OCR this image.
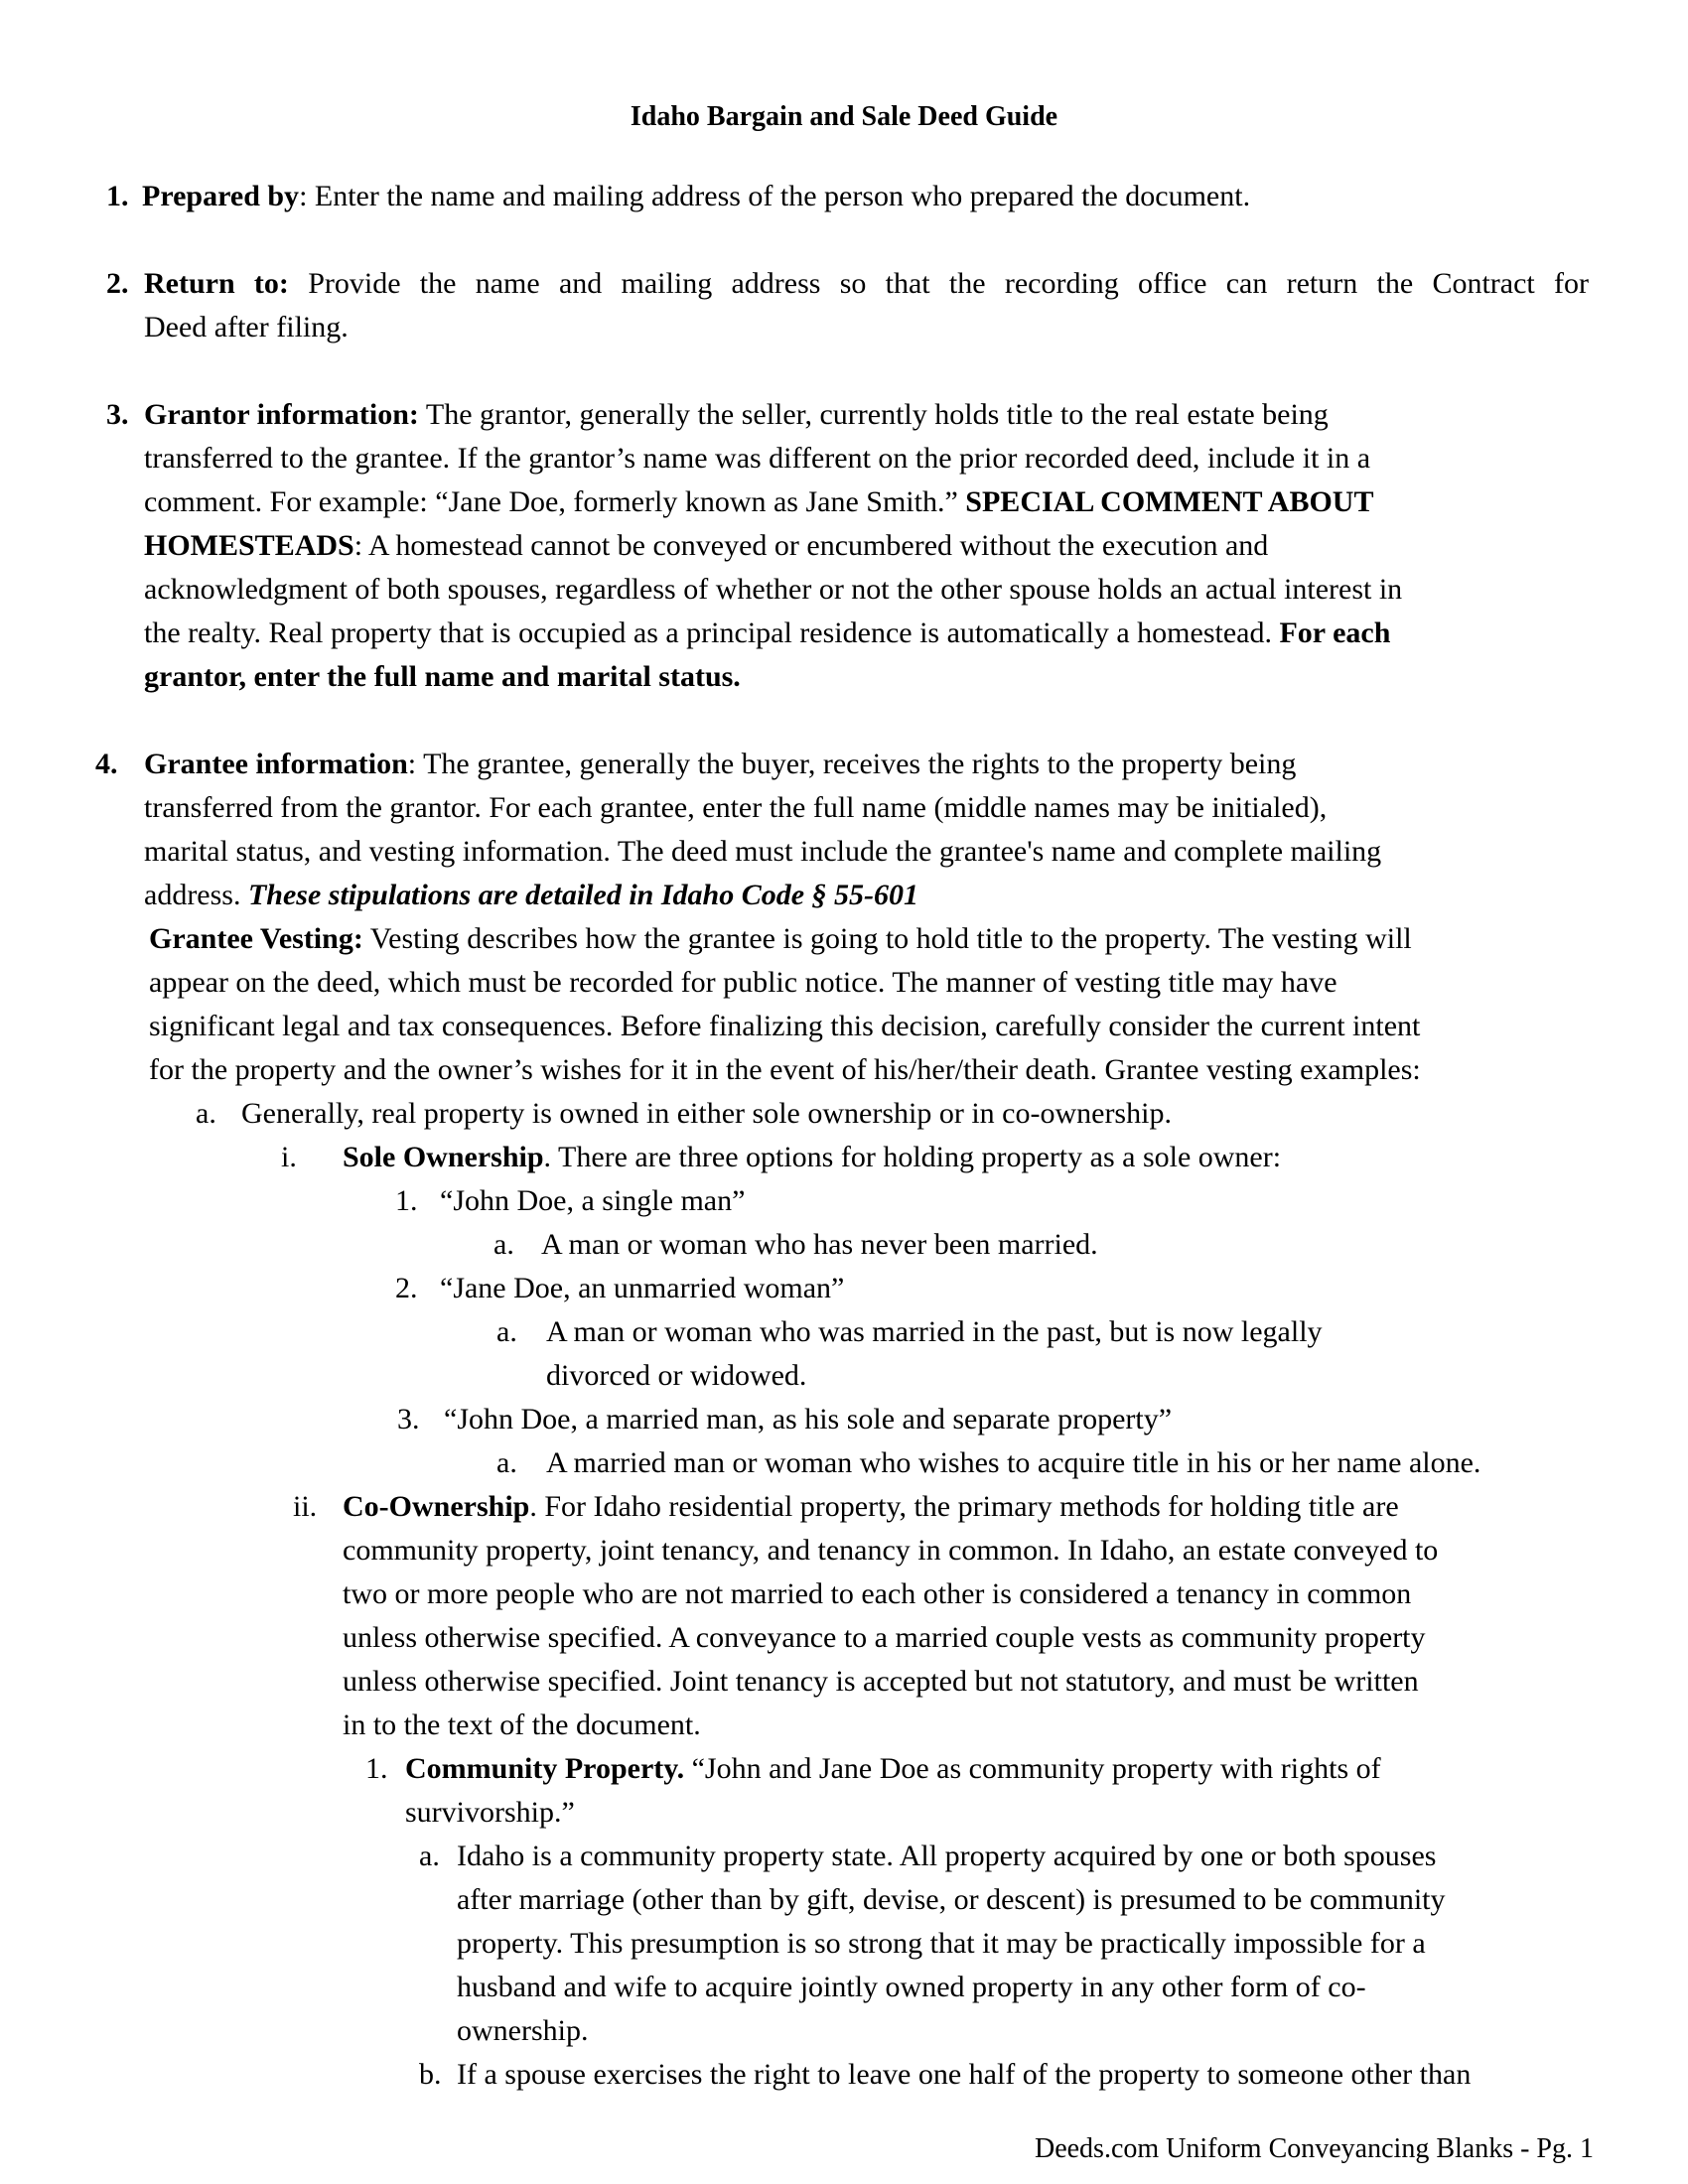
Idaho Bargain and Sale Deed Guide
1. Prepared by: Enter the name and mailing address of the person who prepared the document.
2. Return to: Provide the name and mailing address so that the recording office can return the Contract for
Deed after filing.
3. Grantor information: The grantor, generally the seller, currently holds title to the real estate being
transferred to the grantee. If the grantor’s name was different on the prior recorded deed, include it in a
comment. For example: “Jane Doe, formerly known as Jane Smith.” SPECIAL COMMENT ABOUT
HOMESTEADS: A homestead cannot be conveyed or encumbered without the execution and
acknowledgment of both spouses, regardless of whether or not the other spouse holds an actual interest in
the realty. Real property that is occupied as a principal residence is automatically a homestead. For each
grantor, enter the full name and marital status.
4. Grantee information: The grantee, generally the buyer, receives the rights to the property being
transferred from the grantor. For each grantee, enter the full name (middle names may be initialed),
marital status, and vesting information. The deed must include the grantee's name and complete mailing
address. These stipulations are detailed in Idaho Code § 55-601
Grantee Vesting: Vesting describes how the grantee is going to hold title to the property. The vesting will
appear on the deed, which must be recorded for public notice. The manner of vesting title may have
significant legal and tax consequences. Before finalizing this decision, carefully consider the current intent
for the property and the owner’s wishes for it in the event of his/her/their death. Grantee vesting examples:
a. Generally, real property is owned in either sole ownership or in co-ownership.
i. Sole Ownership. There are three options for holding property as a sole owner:
1. “John Doe, a single man”
a. A man or woman who has never been married.
2. “Jane Doe, an unmarried woman”
a. A man or woman who was married in the past, but is now legally
divorced or widowed.
3. “John Doe, a married man, as his sole and separate property”
a. A married man or woman who wishes to acquire title in his or her name alone.
ii. Co-Ownership. For Idaho residential property, the primary methods for holding title are
community property, joint tenancy, and tenancy in common. In Idaho, an estate conveyed to
two or more people who are not married to each other is considered a tenancy in common
unless otherwise specified. A conveyance to a married couple vests as community property
unless otherwise specified. Joint tenancy is accepted but not statutory, and must be written
in to the text of the document.
1. Community Property. “John and Jane Doe as community property with rights of
survivorship.”
a. Idaho is a community property state. All property acquired by one or both spouses
after marriage (other than by gift, devise, or descent) is presumed to be community
property. This presumption is so strong that it may be practically impossible for a
husband and wife to acquire jointly owned property in any other form of co-
ownership.
b. If a spouse exercises the right to leave one half of the property to someone other than
Deeds.com Uniform Conveyancing Blanks - Pg. 1
